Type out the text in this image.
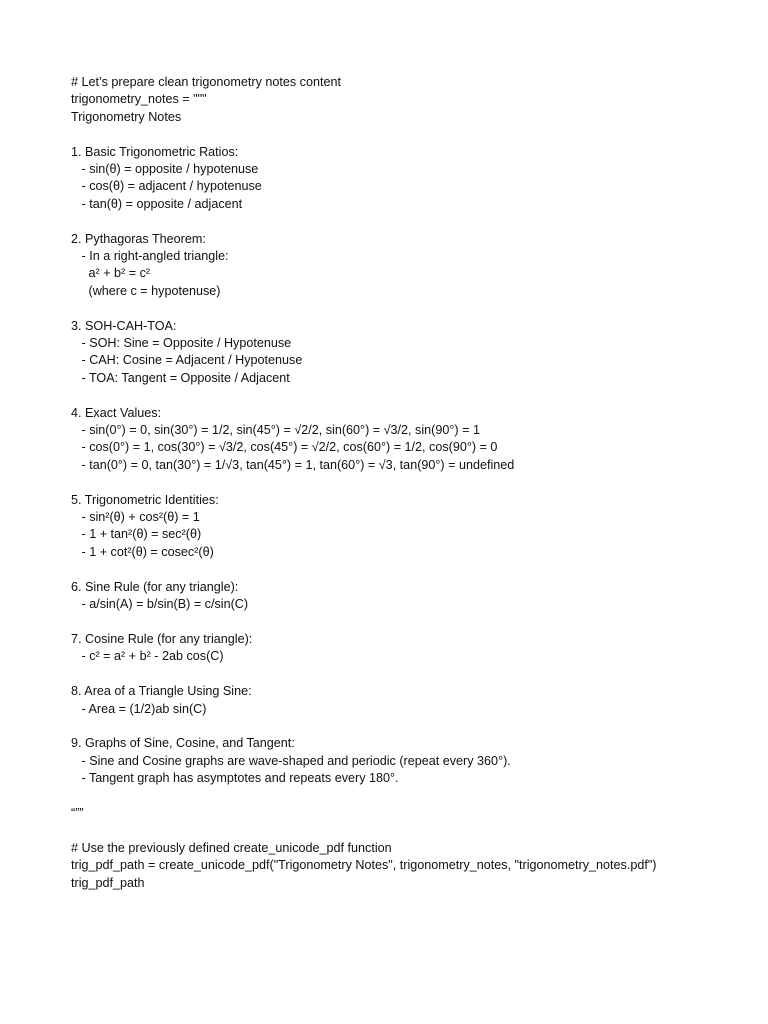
# Let’s prepare clean trigonometry notes content
trigonometry_notes = """
Trigonometry Notes
1. Basic Trigonometric Ratios:
- sin(θ) = opposite / hypotenuse
- cos(θ) = adjacent / hypotenuse
- tan(θ) = opposite / adjacent
2. Pythagoras Theorem:
- In a right-angled triangle:
a² + b² = c²
(where c = hypotenuse)
3. SOH-CAH-TOA:
- SOH: Sine = Opposite / Hypotenuse
- CAH: Cosine = Adjacent / Hypotenuse
- TOA: Tangent = Opposite / Adjacent
4. Exact Values:
- sin(0°) = 0, sin(30°) = 1/2, sin(45°) = √2/2, sin(60°) = √3/2, sin(90°) = 1
- cos(0°) = 1, cos(30°) = √3/2, cos(45°) = √2/2, cos(60°) = 1/2, cos(90°) = 0
- tan(0°) = 0, tan(30°) = 1/√3, tan(45°) = 1, tan(60°) = √3, tan(90°) = undefined
5. Trigonometric Identities:
- sin²(θ) + cos²(θ) = 1
- 1 + tan²(θ) = sec²(θ)
- 1 + cot²(θ) = cosec²(θ)
6. Sine Rule (for any triangle):
- a/sin(A) = b/sin(B) = c/sin(C)
7. Cosine Rule (for any triangle):
- c² = a² + b² - 2ab cos(C)
8. Area of a Triangle Using Sine:
- Area = (1/2)ab sin(C)
9. Graphs of Sine, Cosine, and Tangent:
- Sine and Cosine graphs are wave-shaped and periodic (repeat every 360°).
- Tangent graph has asymptotes and repeats every 180°.
“””
# Use the previously defined create_unicode_pdf function
trig_pdf_path = create_unicode_pdf("Trigonometry Notes", trigonometry_notes, "trigonometry_notes.pdf")
trig_pdf_path
